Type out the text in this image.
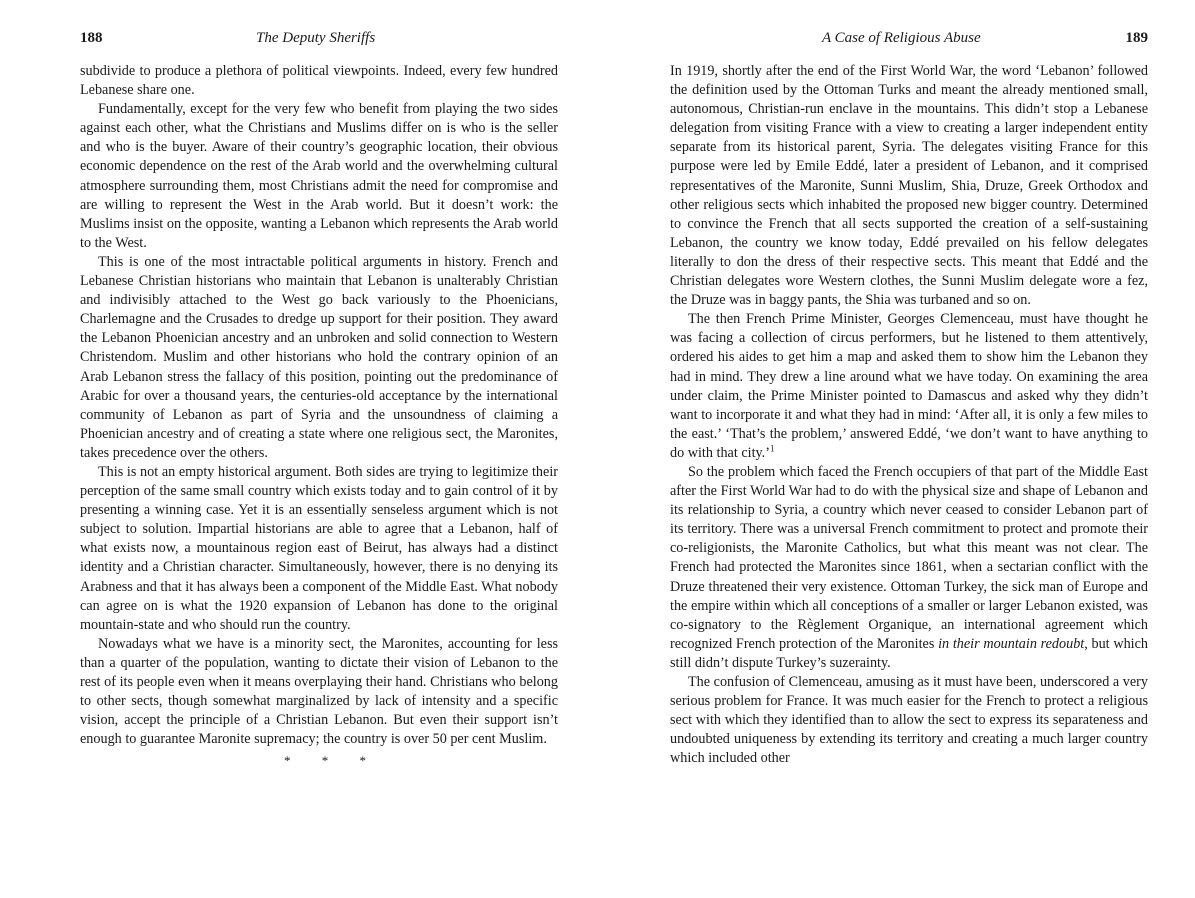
188	The Deputy Sheriffs

subdivide to produce a plethora of political viewpoints. Indeed, every few hundred Lebanese share one.

Fundamentally, except for the very few who benefit from playing the two sides against each other, what the Christians and Muslims differ on is who is the seller and who is the buyer. Aware of their country’s geographic location, their obvious economic dependence on the rest of the Arab world and the overwhelming cultural atmosphere surrounding them, most Christians admit the need for compromise and are willing to represent the West in the Arab world. But it doesn’t work: the Muslims insist on the opposite, wanting a Lebanon which represents the Arab world to the West.

This is one of the most intractable political arguments in history. French and Lebanese Christian historians who maintain that Lebanon is unalterably Christian and indivisibly attached to the West go back variously to the Phoenicians, Charlemagne and the Crusades to dredge up support for their position. They award the Lebanon Phoenician ancestry and an unbroken and solid connection to Western Christendom. Muslim and other historians who hold the contrary opinion of an Arab Lebanon stress the fallacy of this position, pointing out the predominance of Arabic for over a thousand years, the centuries-old acceptance by the international community of Lebanon as part of Syria and the unsoundness of claiming a Phoenician ancestry and of creating a state where one religious sect, the Maronites, takes precedence over the others.

This is not an empty historical argument. Both sides are trying to legitimize their perception of the same small country which exists today and to gain control of it by presenting a winning case. Yet it is an essentially senseless argument which is not subject to solution. Impartial historians are able to agree that a Lebanon, half of what exists now, a mountainous region east of Beirut, has always had a distinct identity and a Christian character. Simultaneously, however, there is no denying its Arabness and that it has always been a component of the Middle East. What nobody can agree on is what the 1920 expansion of Lebanon has done to the original mountain-state and who should run the country.

Nowadays what we have is a minority sect, the Maronites, accounting for less than a quarter of the population, wanting to dictate their vision of Lebanon to the rest of its people even when it means overplaying their hand. Christians who belong to other sects, though somewhat marginalized by lack of intensity and a specific vision, accept the principle of a Christian Lebanon. But even their support isn’t enough to guarantee Maronite supremacy; the country is over 50 per cent Muslim.

* * *
A Case of Religious Abuse	189

In 1919, shortly after the end of the First World War, the word ‘Lebanon’ followed the definition used by the Ottoman Turks and meant the already mentioned small, autonomous, Christian-run enclave in the mountains. This didn’t stop a Lebanese delegation from visiting France with a view to creating a larger independent entity separate from its historical parent, Syria. The delegates visiting France for this purpose were led by Emile Eddé, later a president of Lebanon, and it comprised representatives of the Maronite, Sunni Muslim, Shia, Druze, Greek Orthodox and other religious sects which inhabited the proposed new bigger country. Determined to convince the French that all sects supported the creation of a self-sustaining Lebanon, the country we know today, Eddé prevailed on his fellow delegates literally to don the dress of their respective sects. This meant that Eddé and the Christian delegates wore Western clothes, the Sunni Muslim delegate wore a fez, the Druze was in baggy pants, the Shia was turbaned and so on.

The then French Prime Minister, Georges Clemenceau, must have thought he was facing a collection of circus performers, but he listened to them attentively, ordered his aides to get him a map and asked them to show him the Lebanon they had in mind. They drew a line around what we have today. On examining the area under claim, the Prime Minister pointed to Damascus and asked why they didn’t want to incorporate it and what they had in mind: ‘After all, it is only a few miles to the east.’ ‘That’s the problem,’ answered Eddé, ‘we don’t want to have anything to do with that city.’$^1$

So the problem which faced the French occupiers of that part of the Middle East after the First World War had to do with the physical size and shape of Lebanon and its relationship to Syria, a country which never ceased to consider Lebanon part of its territory. There was a universal French commitment to protect and promote their co-religionists, the Maronite Catholics, but what this meant was not clear. The French had protected the Maronites since 1861, when a sectarian conflict with the Druze threatened their very existence. Ottoman Turkey, the sick man of Europe and the empire within which all conceptions of a smaller or larger Lebanon existed, was co-signatory to the Règlement Organique, an international agreement which recognized French protection of the Maronites in their mountain redoubt, but which still didn’t dispute Turkey’s suzerainty.

The confusion of Clemenceau, amusing as it must have been, underscored a very serious problem for France. It was much easier for the French to protect a religious sect with which they identified than to allow the sect to express its separateness and undoubted uniqueness by extending its territory and creating a much larger country which included other
